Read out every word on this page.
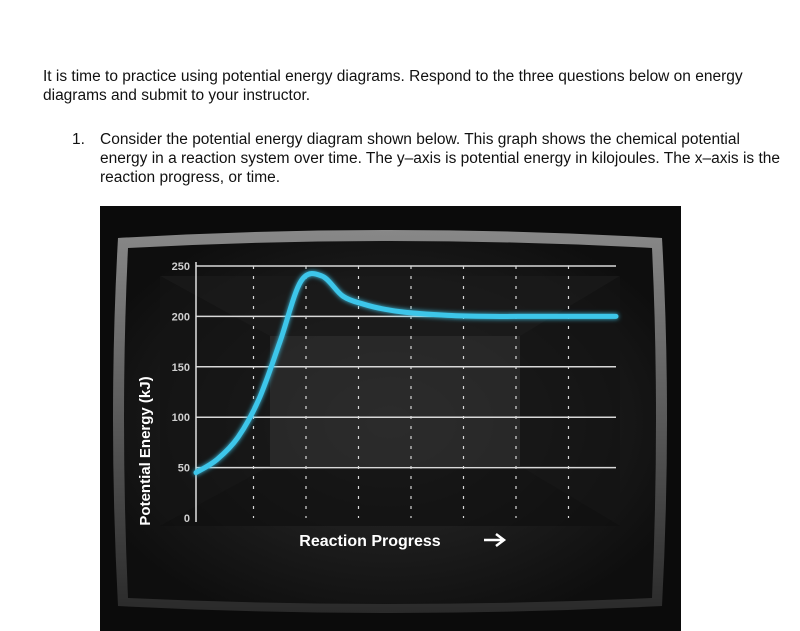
It is time to practice using potential energy diagrams. Respond to the three questions below on energy diagrams and submit to your instructor.
1. Consider the potential energy diagram shown below. This graph shows the chemical potential energy in a reaction system over time. The y–axis is potential energy in kilojoules. The x–axis is the reaction progress, or time.
0
50
100
150
200
250
Potential Energy (kJ)
Reaction Progress
